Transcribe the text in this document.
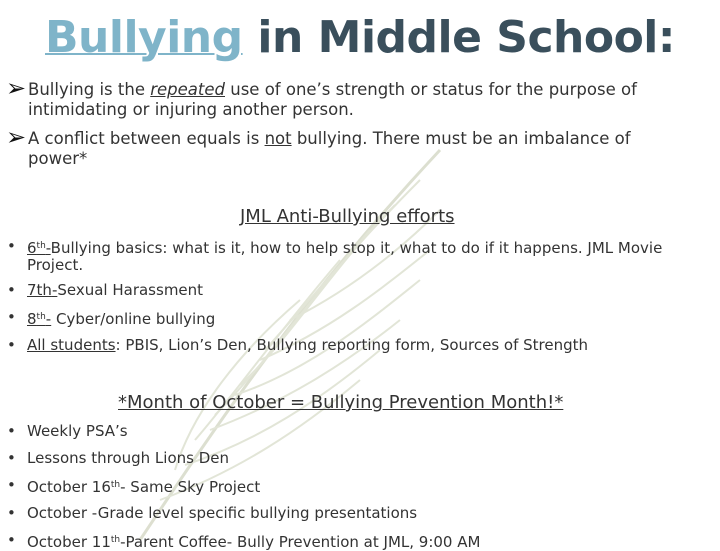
Bullying in Middle School:
➢ Bullying is the repeated use of one’s strength or status for the purpose of
intimidating or injuring another person.
➢ A conflict between equals is not bullying. There must be an imbalance of
power*
JML Anti-Bullying efforts
• 6th-Bullying basics: what is it, how to help stop it, what to do if it happens. JML Movie
Project.
• 7th-Sexual Harassment
• 8th- Cyber/online bullying
• All students: PBIS, Lion’s Den, Bullying reporting form, Sources of Strength
*Month of October = Bullying Prevention Month!*
• Weekly PSA’s
• Lessons through Lions Den
• October 16th- Same Sky Project
• October -Grade level specific bullying presentations
• October 11th-Parent Coffee- Bully Prevention at JML, 9:00 AM
